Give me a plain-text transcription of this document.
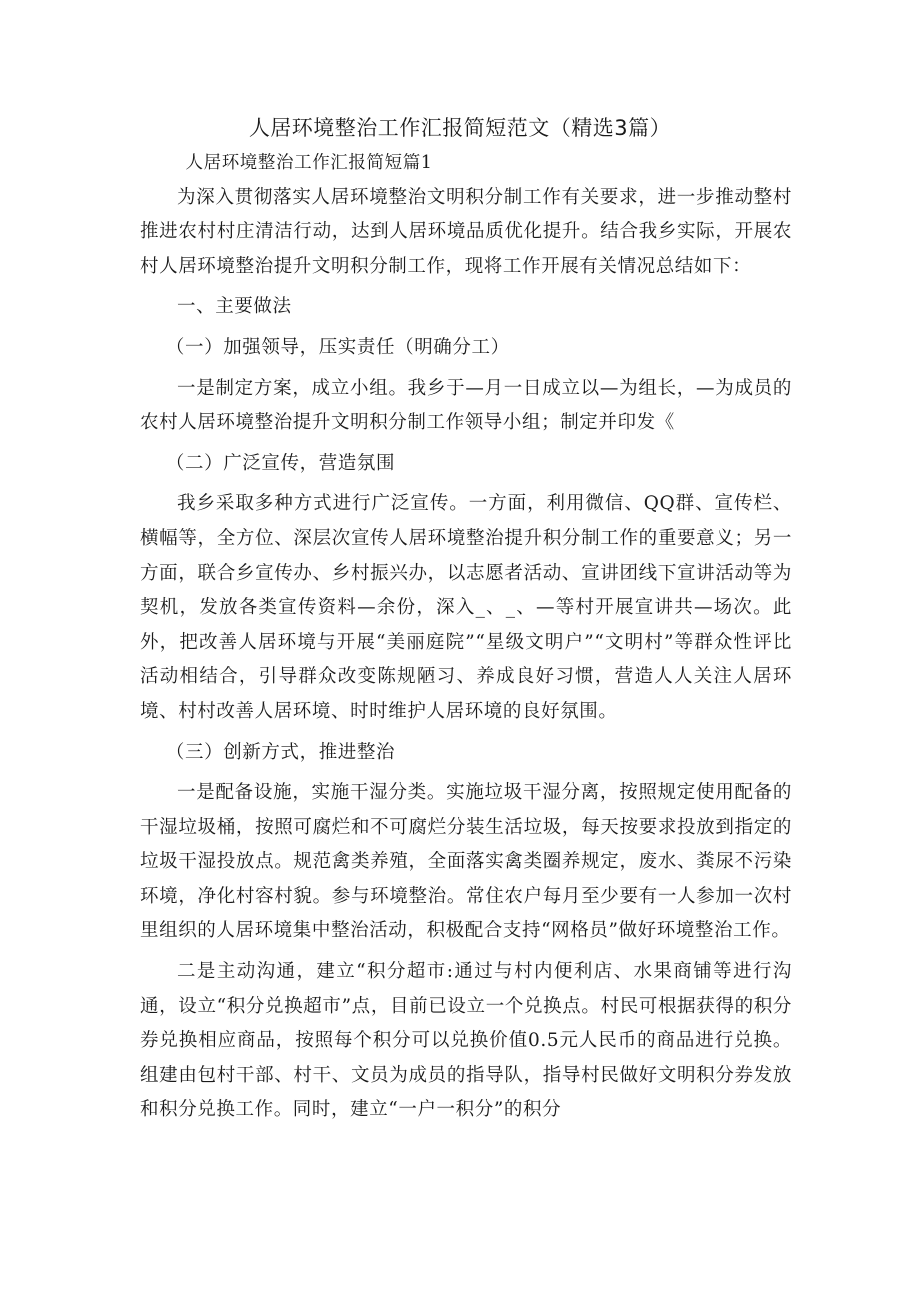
人居环境整治工作汇报简短范文（精选3篇）

人居环境整治工作汇报简短篇1

为深入贯彻落实人居环境整治文明积分制工作有关要求，进一步推动整村推进农村村庄清洁行动，达到人居环境品质优化提升。结合我乡实际，开展农村人居环境整治提升文明积分制工作，现将工作开展有关情况总结如下：

一、主要做法

（一）加强领导，压实责任（明确分工）

一是制定方案，成立小组。我乡于—月一日成立以—为组长，—为成员的农村人居环境整治提升文明积分制工作领导小组；制定并印发《

（二）广泛宣传，营造氛围

我乡采取多种方式进行广泛宣传。一方面，利用微信、QQ群、宣传栏、横幅等，全方位、深层次宣传人居环境整治提升积分制工作的重要意义；另一方面，联合乡宣传办、乡村振兴办，以志愿者活动、宣讲团线下宣讲活动等为契机，发放各类宣传资料—余份，深入_、_、—等村开展宣讲共—场次。此外，把改善人居环境与开展“美丽庭院”“星级文明户”“文明村”等群众性评比活动相结合，引导群众改变陈规陋习、养成良好习惯，营造人人关注人居环境、村村改善人居环境、时时维护人居环境的良好氛围。

（三）创新方式，推进整治

一是配备设施，实施干湿分类。实施垃圾干湿分离，按照规定使用配备的干湿垃圾桶，按照可腐烂和不可腐烂分装生活垃圾，每天按要求投放到指定的垃圾干湿投放点。规范禽类养殖，全面落实禽类圈养规定，废水、粪尿不污染环境，净化村容村貌。参与环境整治。常住农户每月至少要有一人参加一次村里组织的人居环境集中整治活动，积极配合支持“网格员”做好环境整治工作。

二是主动沟通，建立“积分超市:通过与村内便利店、水果商铺等进行沟通，设立“积分兑换超市”点，目前已设立一个兑换点。村民可根据获得的积分券兑换相应商品，按照每个积分可以兑换价值0.5元人民币的商品进行兑换。组建由包村干部、村干、文员为成员的指导队，指导村民做好文明积分券发放和积分兑换工作。同时，建立“一户一积分”的积分
